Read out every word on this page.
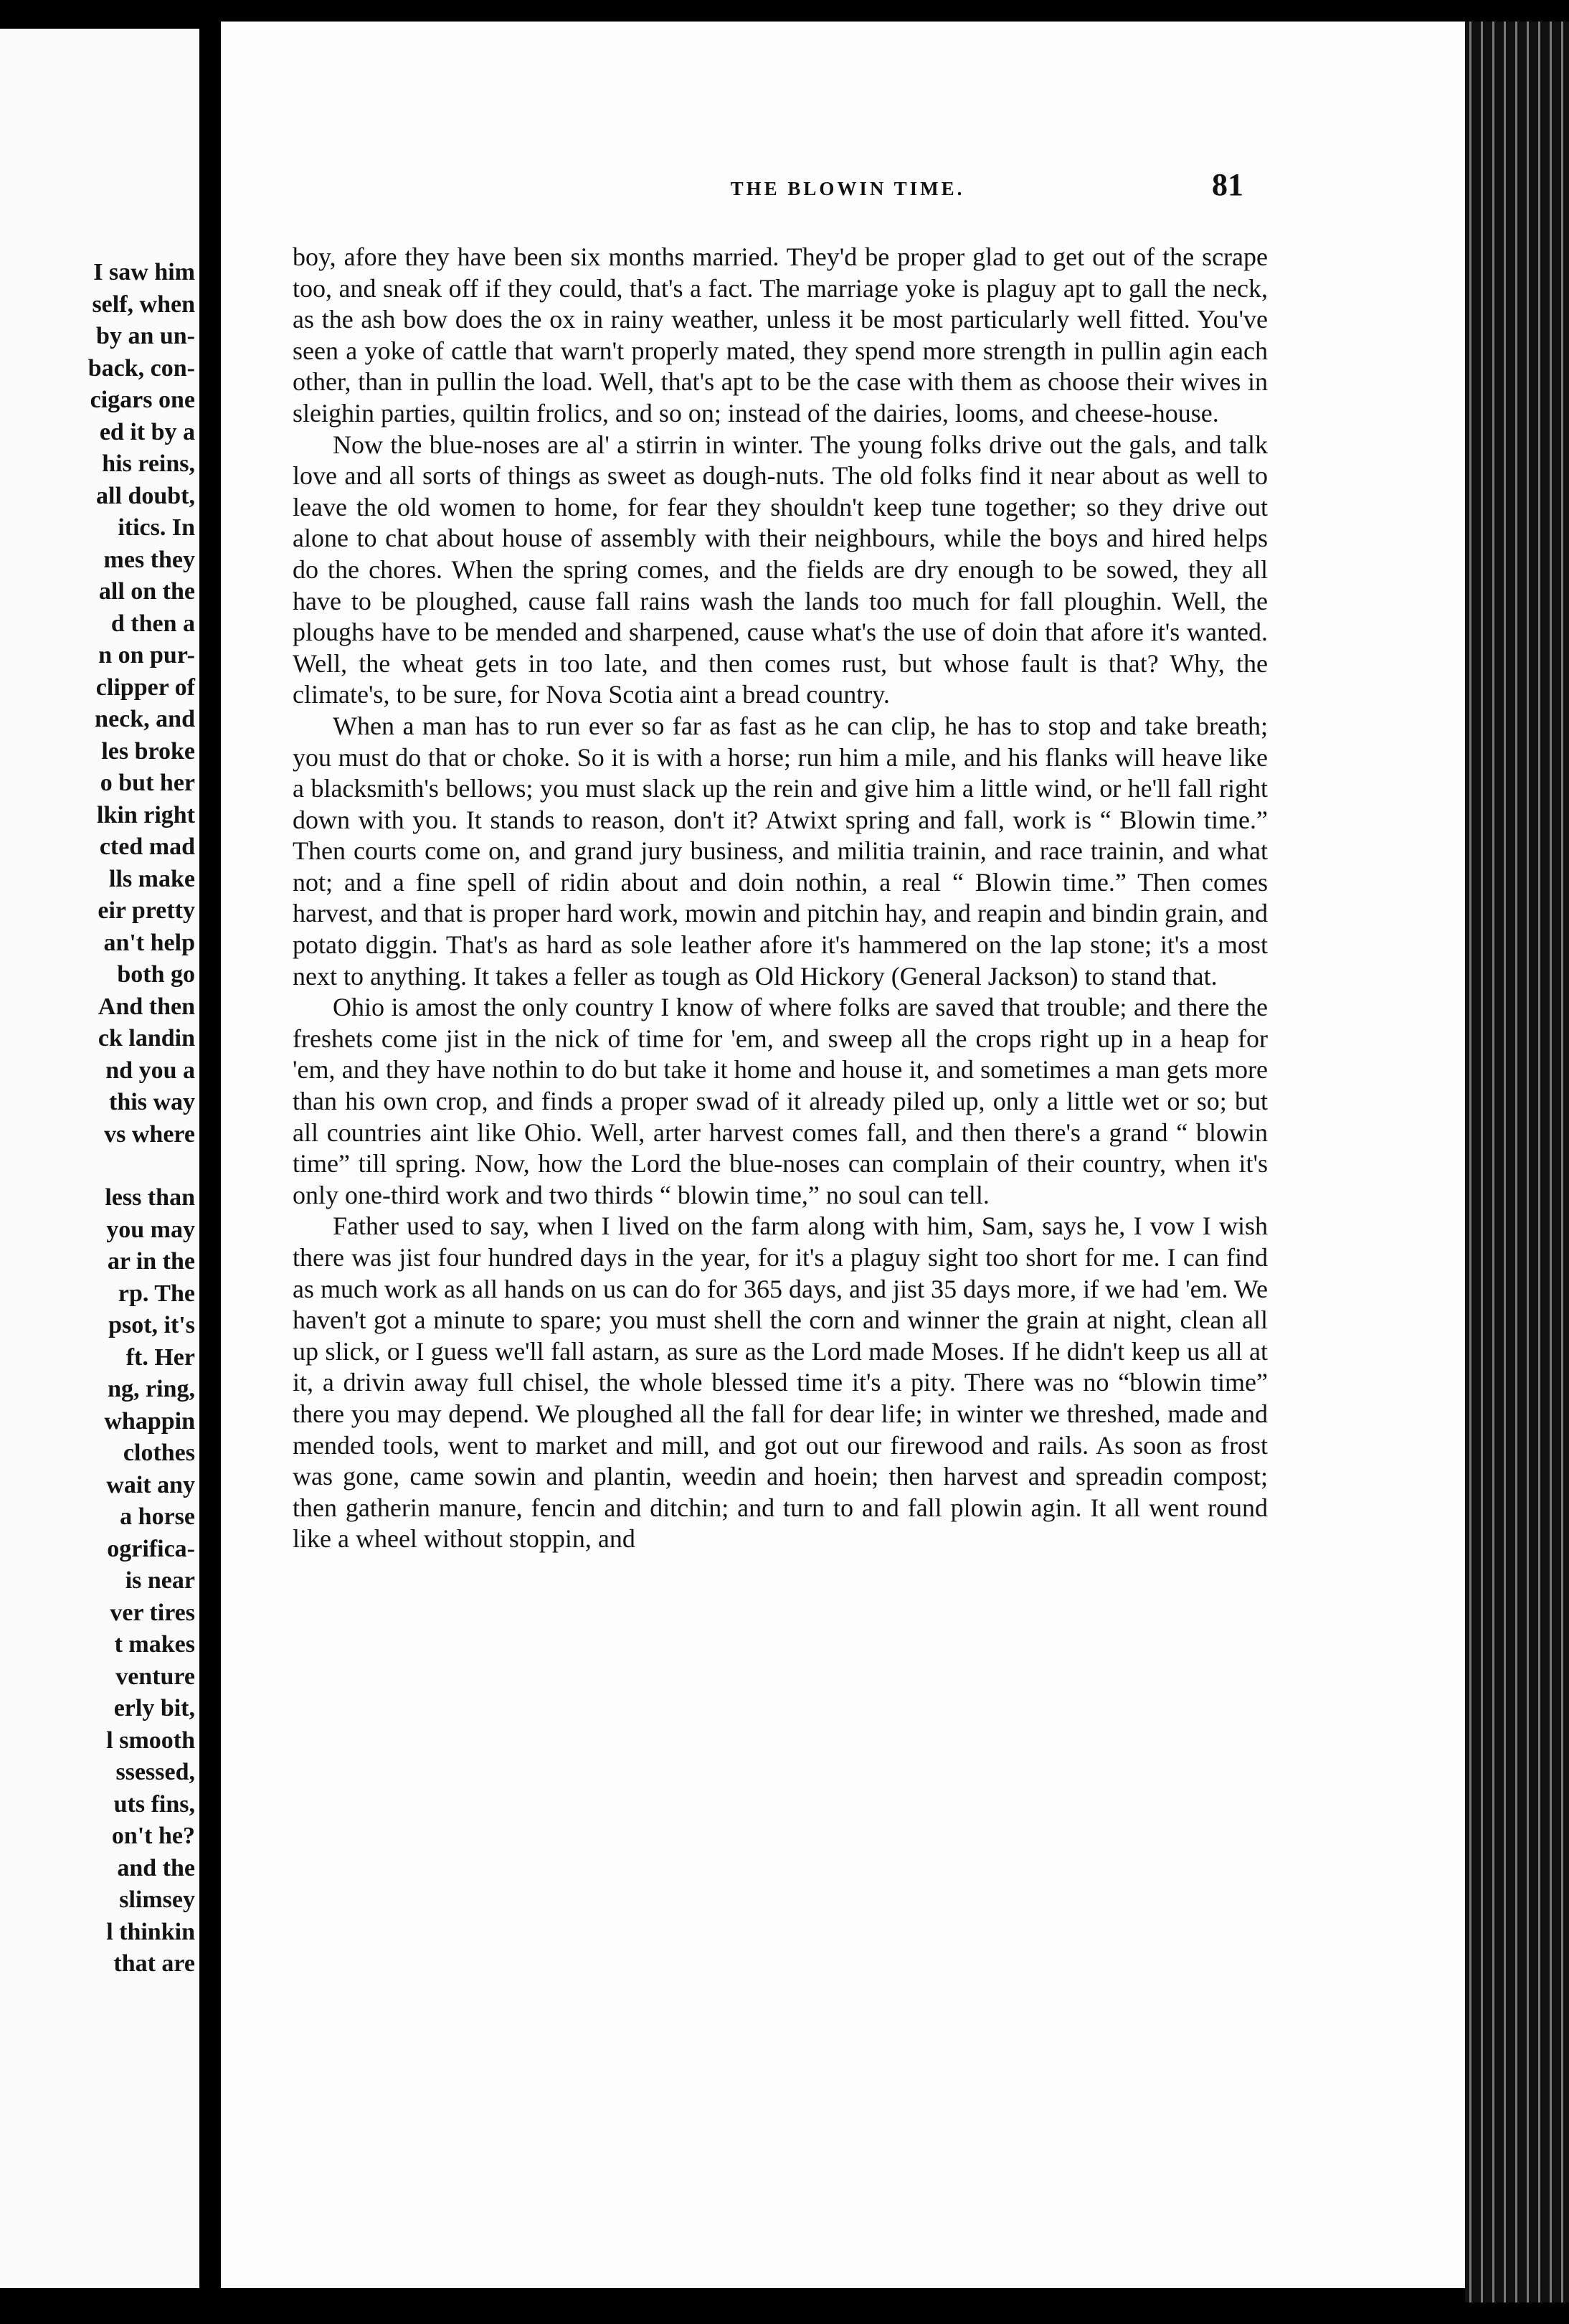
I saw him
self, when
by an un-
back, con-
cigars one
ed it by a
his reins,
all doubt,
itics. In
mes they
all on the
d then a
n on pur-
clipper of
neck, and
les broke
o but her
lkin right
cted mad
lls make
eir pretty
an't help
both go
And then
ck landin
nd you a
this way
vs where
less than
you may
ar in the
rp. The
psot, it's
ft. Her
ng, ring,
whappin
clothes
wait any
a horse
ogrifica-
is near
ver tires
t makes
venture
erly bit,
l smooth
ssessed,
uts fins,
on't he?
and the
slimsey
l thinkin
that are
THE BLOWIN TIME.	81

boy, afore they have been six months married. They'd be proper glad to get out of the scrape too, and sneak off if they could, that's a fact. The marriage yoke is plaguy apt to gall the neck, as the ash bow does the ox in rainy weather, unless it be most particularly well fitted. You've seen a yoke of cattle that warn't properly mated, they spend more strength in pullin agin each other, than in pullin the load. Well, that's apt to be the case with them as choose their wives in sleighin parties, quiltin frolics, and so on; instead of the dairies, looms, and cheese-house.

Now the blue-noses are al' a stirrin in winter. The young folks drive out the gals, and talk love and all sorts of things as sweet as dough-nuts. The old folks find it near about as well to leave the old women to home, for fear they shouldn't keep tune together; so they drive out alone to chat about house of assembly with their neighbours, while the boys and hired helps do the chores. When the spring comes, and the fields are dry enough to be sowed, they all have to be ploughed, cause fall rains wash the lands too much for fall ploughin. Well, the ploughs have to be mended and sharpened, cause what's the use of doin that afore it's wanted. Well, the wheat gets in too late, and then comes rust, but whose fault is that? Why, the climate's, to be sure, for Nova Scotia aint a bread country.

When a man has to run ever so far as fast as he can clip, he has to stop and take breath; you must do that or choke. So it is with a horse; run him a mile, and his flanks will heave like a blacksmith's bellows; you must slack up the rein and give him a little wind, or he'll fall right down with you. It stands to reason, don't it? Atwixt spring and fall, work is “ Blowin time.” Then courts come on, and grand jury business, and militia trainin, and race trainin, and what not; and a fine spell of ridin about and doin nothin, a real “ Blowin time.” Then comes harvest, and that is proper hard work, mowin and pitchin hay, and reapin and bindin grain, and potato diggin. That's as hard as sole leather afore it's hammered on the lap stone; it's a most next to anything. It takes a feller as tough as Old Hickory (General Jackson) to stand that.

Ohio is amost the only country I know of where folks are saved that trouble; and there the freshets come jist in the nick of time for 'em, and sweep all the crops right up in a heap for 'em, and they have nothin to do but take it home and house it, and sometimes a man gets more than his own crop, and finds a proper swad of it already piled up, only a little wet or so; but all countries aint like Ohio. Well, arter harvest comes fall, and then there's a grand “ blowin time” till spring. Now, how the Lord the blue-noses can complain of their country, when it's only one-third work and two thirds “ blowin time,” no soul can tell.

Father used to say, when I lived on the farm along with him, Sam, says he, I vow I wish there was jist four hundred days in the year, for it's a plaguy sight too short for me. I can find as much work as all hands on us can do for 365 days, and jist 35 days more, if we had 'em. We haven't got a minute to spare; you must shell the corn and winner the grain at night, clean all up slick, or I guess we'll fall astarn, as sure as the Lord made Moses. If he didn't keep us all at it, a drivin away full chisel, the whole blessed time it's a pity. There was no “blowin time” there you may depend. We ploughed all the fall for dear life; in winter we threshed, made and mended tools, went to market and mill, and got out our firewood and rails. As soon as frost was gone, came sowin and plantin, weedin and hoein; then harvest and spreadin compost; then gatherin manure, fencin and ditchin; and turn to and fall plowin agin. It all went round like a wheel without stoppin, and
